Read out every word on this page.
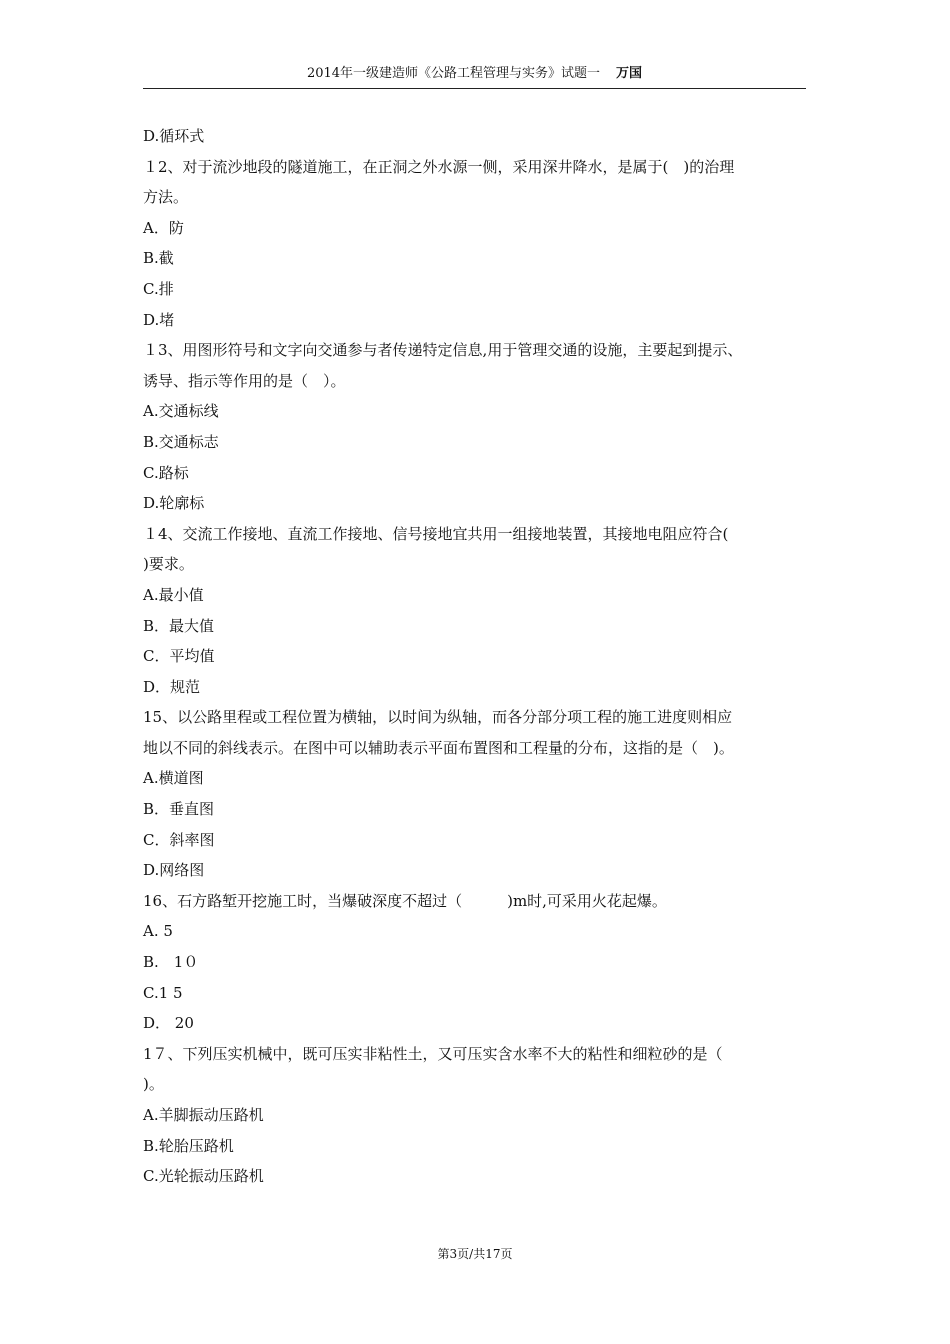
2014年一级建造师《公路工程管理与实务》试题一 万国
D.循环式
１2、对于流沙地段的隧道施工，在正洞之外水源一侧，采用深井降水，是属于(　)的治理
方法。
A．防
B.截
C.排
D.堵
１3、用图形符号和文字向交通参与者传递特定信息,用于管理交通的设施，主要起到提示、
诱导、指示等作用的是（　）。
A.交通标线
B.交通标志
C.路标
D.轮廓标
１4、交流工作接地、直流工作接地、信号接地宜共用一组接地装置，其接地电阻应符合(
)要求。
A.最小值
B．最大值
C．平均值
D．规范
15、以公路里程或工程位置为横轴，以时间为纵轴，而各分部分项工程的施工进度则相应
地以不同的斜线表示。在图中可以辅助表示平面布置图和工程量的分布，这指的是（　)。
A.横道图
B．垂直图
C．斜率图
D.网络图
16、石方路堑开挖施工时，当爆破深度不超过（　　　)m时,可采用火花起爆。
A. 5
B.　1０
C.1 5
D． 20
1７、下列压实机械中，既可压实非粘性土，又可压实含水率不大的粘性和细粒砂的是（
)。
A.羊脚振动压路机
B.轮胎压路机
C.光轮振动压路机
第3页/共17页
